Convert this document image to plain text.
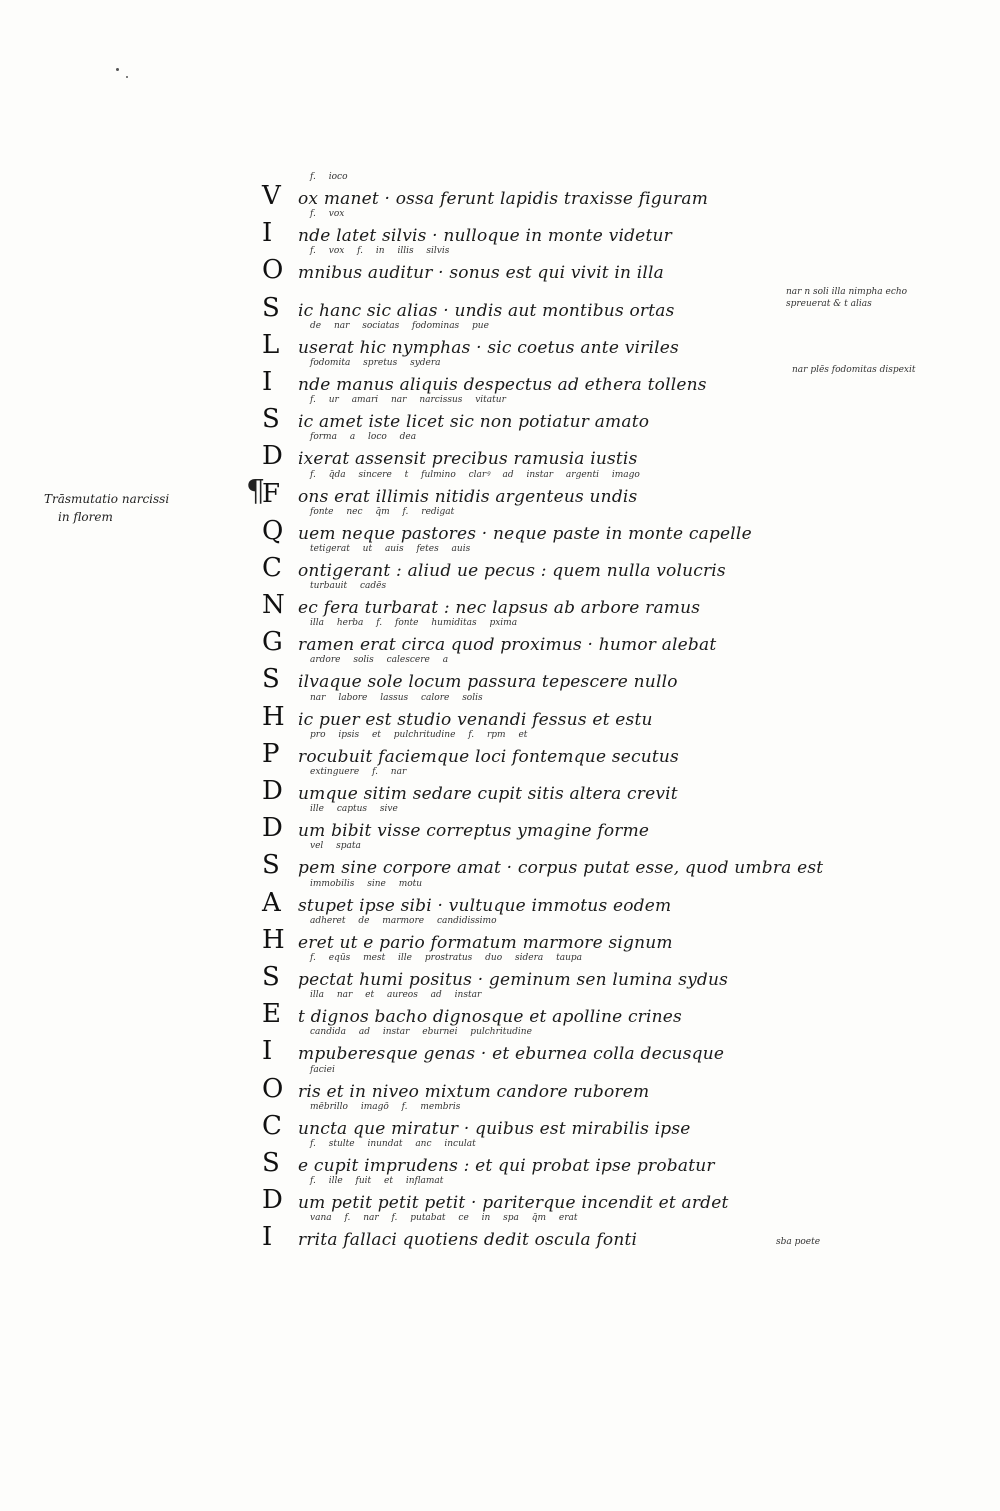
Trāsmutatio narcissi
in florem
¶
nar n soli illa nimpha echo
spreuerat & t alias
nar plēs fodomitas dispexit
sba poete
f. ioco
V ox manet · ossa ferunt lapidis traxisse figuram
f. vox
I nde latet silvis · nulloque in monte videtur
f. vox f. in illis silvis
Omnibus auditur · sonus est qui vivit in illa
S ic hanc sic alias · undis aut montibus ortas
de nar sociatas fodominas pue
L userat hic nymphas · sic coetus ante viriles
fodomita spretus sydera
I nde manus aliquis despectus ad ethera tollens
f. ur amari nar narcissus vitatur
S ic amet iste licet sic non potiatur amato
forma a loco dea
Dixerat assensit precibus ramusia iustis
f. q̄da sincere t fulmino clarꝰ ad instar argenti imago
F ons erat illimis nitidis argenteus undis
fonte nec q̄m f. redigat
Quem neque pastores · neque paste in monte capelle
tetigerat ut auis fetes auis
Contigerant : aliud ue pecus : quem nulla volucris
turbauit cadēs
Nec fera turbarat : nec lapsus ab arbore ramus
illa herba f. fonte humiditas pxima
Gramen erat circa quod proximus · humor alebat
ardore solis calescere a
S ilvaque sole locum passura tepescere nullo
nar labore lassus calore solis
Hic puer est studio venandi fessus et estu
pro ipsis et pulchritudine f. rpm et
P rocubuit faciemque loci fontemque secutus
extinguere f. nar
Dumque sitim sedare cupit sitis altera crevit
ille captus sive
Dum bibit visse correptus ymagine forme
vel spata
S pem sine corpore amat · corpus putat esse, quod umbra est
immobilis sine motu
A stupet ipse sibi · vultuque immotus eodem
adheret de marmore candidissimo
Heret ut e pario formatum marmore signum
f. eqūs mest ille prostratus duo sidera taupa
S pectat humi positus · geminum sen lumina sydus
illa nar et aureos ad instar
E t dignos bacho dignosque et apolline crines
candida ad instar eburnei pulchritudine
I mpuberesque genas · et eburnea colla decusque
faciei
Oris et in niveo mixtum candore ruborem
mēbrillo imagō f. membris
Cuncta que miratur · quibus est mirabilis ipse
f. stulte inundat anc inculat
S e cupit imprudens : et qui probat ipse probatur
f. ille fuit et inflamat
Dum petit petit petit · pariterque incendit et ardet
vana f. nar f. putabat ce in spa q̄m erat
I rrita fallaci quotiens dedit oscula fonti
